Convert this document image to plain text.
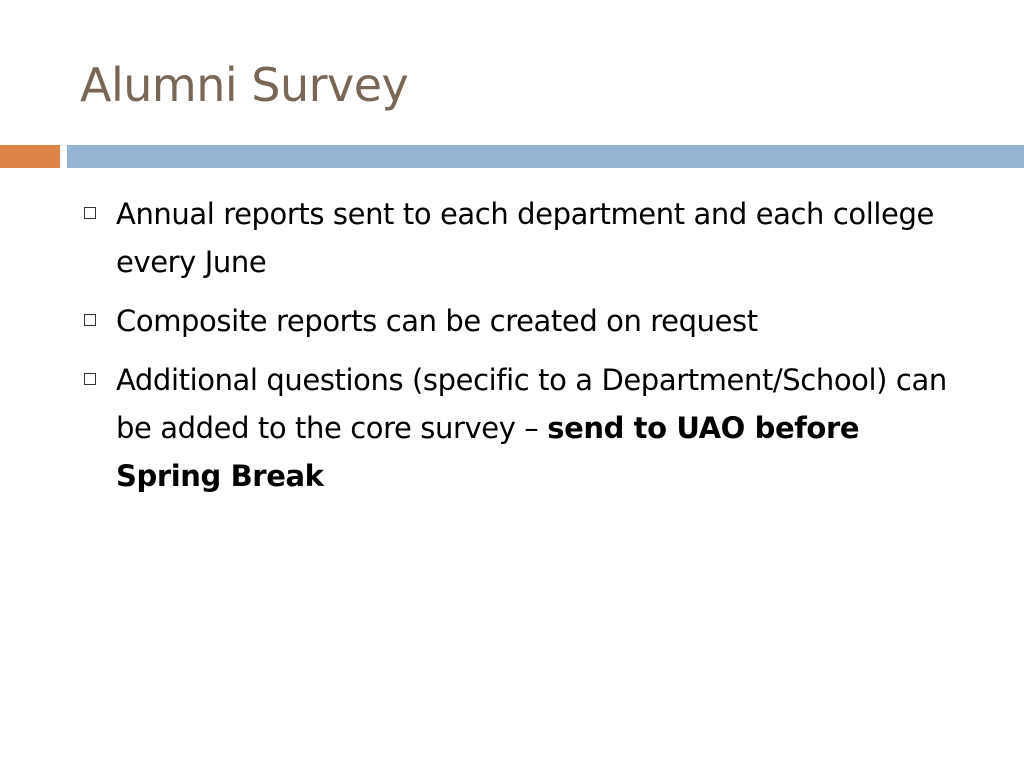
Alumni Survey
Annual reports sent to each department and each college every June
Composite reports can be created on request
Additional questions (specific to a Department/School) can be added to the core survey – send to UAO before Spring Break
